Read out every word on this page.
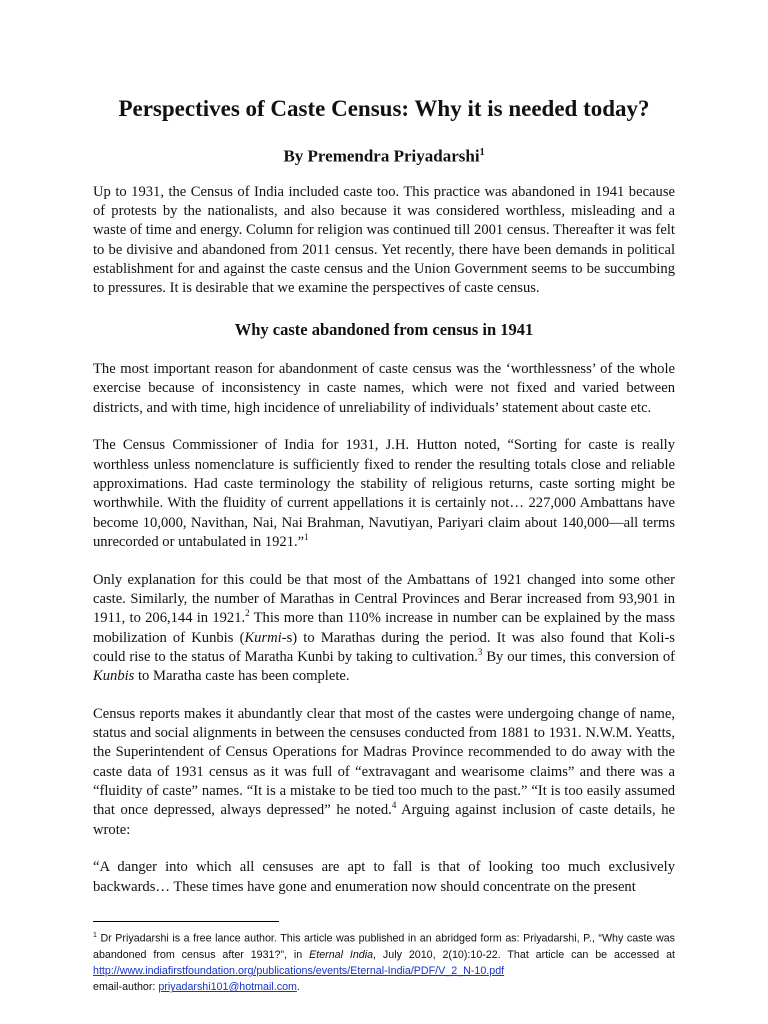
Perspectives of Caste Census: Why it is needed today?
By Premendra Priyadarshi$^1$

Up to 1931, the Census of India included caste too. This practice was abandoned in 1941 because of protests by the nationalists, and also because it was considered worthless, misleading and a waste of time and energy. Column for religion was continued till 2001 census. Thereafter it was felt to be divisive and abandoned from 2011 census. Yet recently, there have been demands in political establishment for and against the caste census and the Union Government seems to be succumbing to pressures. It is desirable that we examine the perspectives of caste census.

Why caste abandoned from census in 1941

The most important reason for abandonment of caste census was the ‘worthlessness’ of the whole exercise because of inconsistency in caste names, which were not fixed and varied between districts, and with time, high incidence of unreliability of individuals’ statement about caste etc.

The Census Commissioner of India for 1931, J.H. Hutton noted, “Sorting for caste is really worthless unless nomenclature is sufficiently fixed to render the resulting totals close and reliable approximations. Had caste terminology the stability of religious returns, caste sorting might be worthwhile. With the fluidity of current appellations it is certainly not… 227,000 Ambattans have become 10,000, Navithan, Nai, Nai Brahman, Navutiyan, Pariyari claim about 140,000—all terms unrecorded or untabulated in 1921.”$^1$

Only explanation for this could be that most of the Ambattans of 1921 changed into some other caste. Similarly, the number of Marathas in Central Provinces and Berar increased from 93,901 in 1911, to 206,144 in 1921.$^2$ This more than 110% increase in number can be explained by the mass mobilization of Kunbis (Kurmi-s) to Marathas during the period. It was also found that Koli-s could rise to the status of Maratha Kunbi by taking to cultivation.$^3$ By our times, this conversion of Kunbis to Maratha caste has been complete.

Census reports makes it abundantly clear that most of the castes were undergoing change of name, status and social alignments in between the censuses conducted from 1881 to 1931. N.W.M. Yeatts, the Superintendent of Census Operations for Madras Province recommended to do away with the caste data of 1931 census as it was full of “extravagant and wearisome claims” and there was a “fluidity of caste” names. “It is a mistake to be tied too much to the past.” “It is too easily assumed that once depressed, always depressed” he noted.$^4$ Arguing against inclusion of caste details, he wrote:

“A danger into which all censuses are apt to fall is that of looking too much exclusively backwards… These times have gone and enumeration now should concentrate on the present

$^1$ Dr Priyadarshi is a free lance author. This article was published in an abridged form as: Priyadarshi, P., “Why caste was abandoned from census after 1931?”, in Eternal India, July 2010, 2(10):10-22. That article can be accessed at http://www.indiafirstfoundation.org/publications/events/Eternal-India/PDF/V_2_N-10.pdf
email-author: priyadarshi101@hotmail.com.
